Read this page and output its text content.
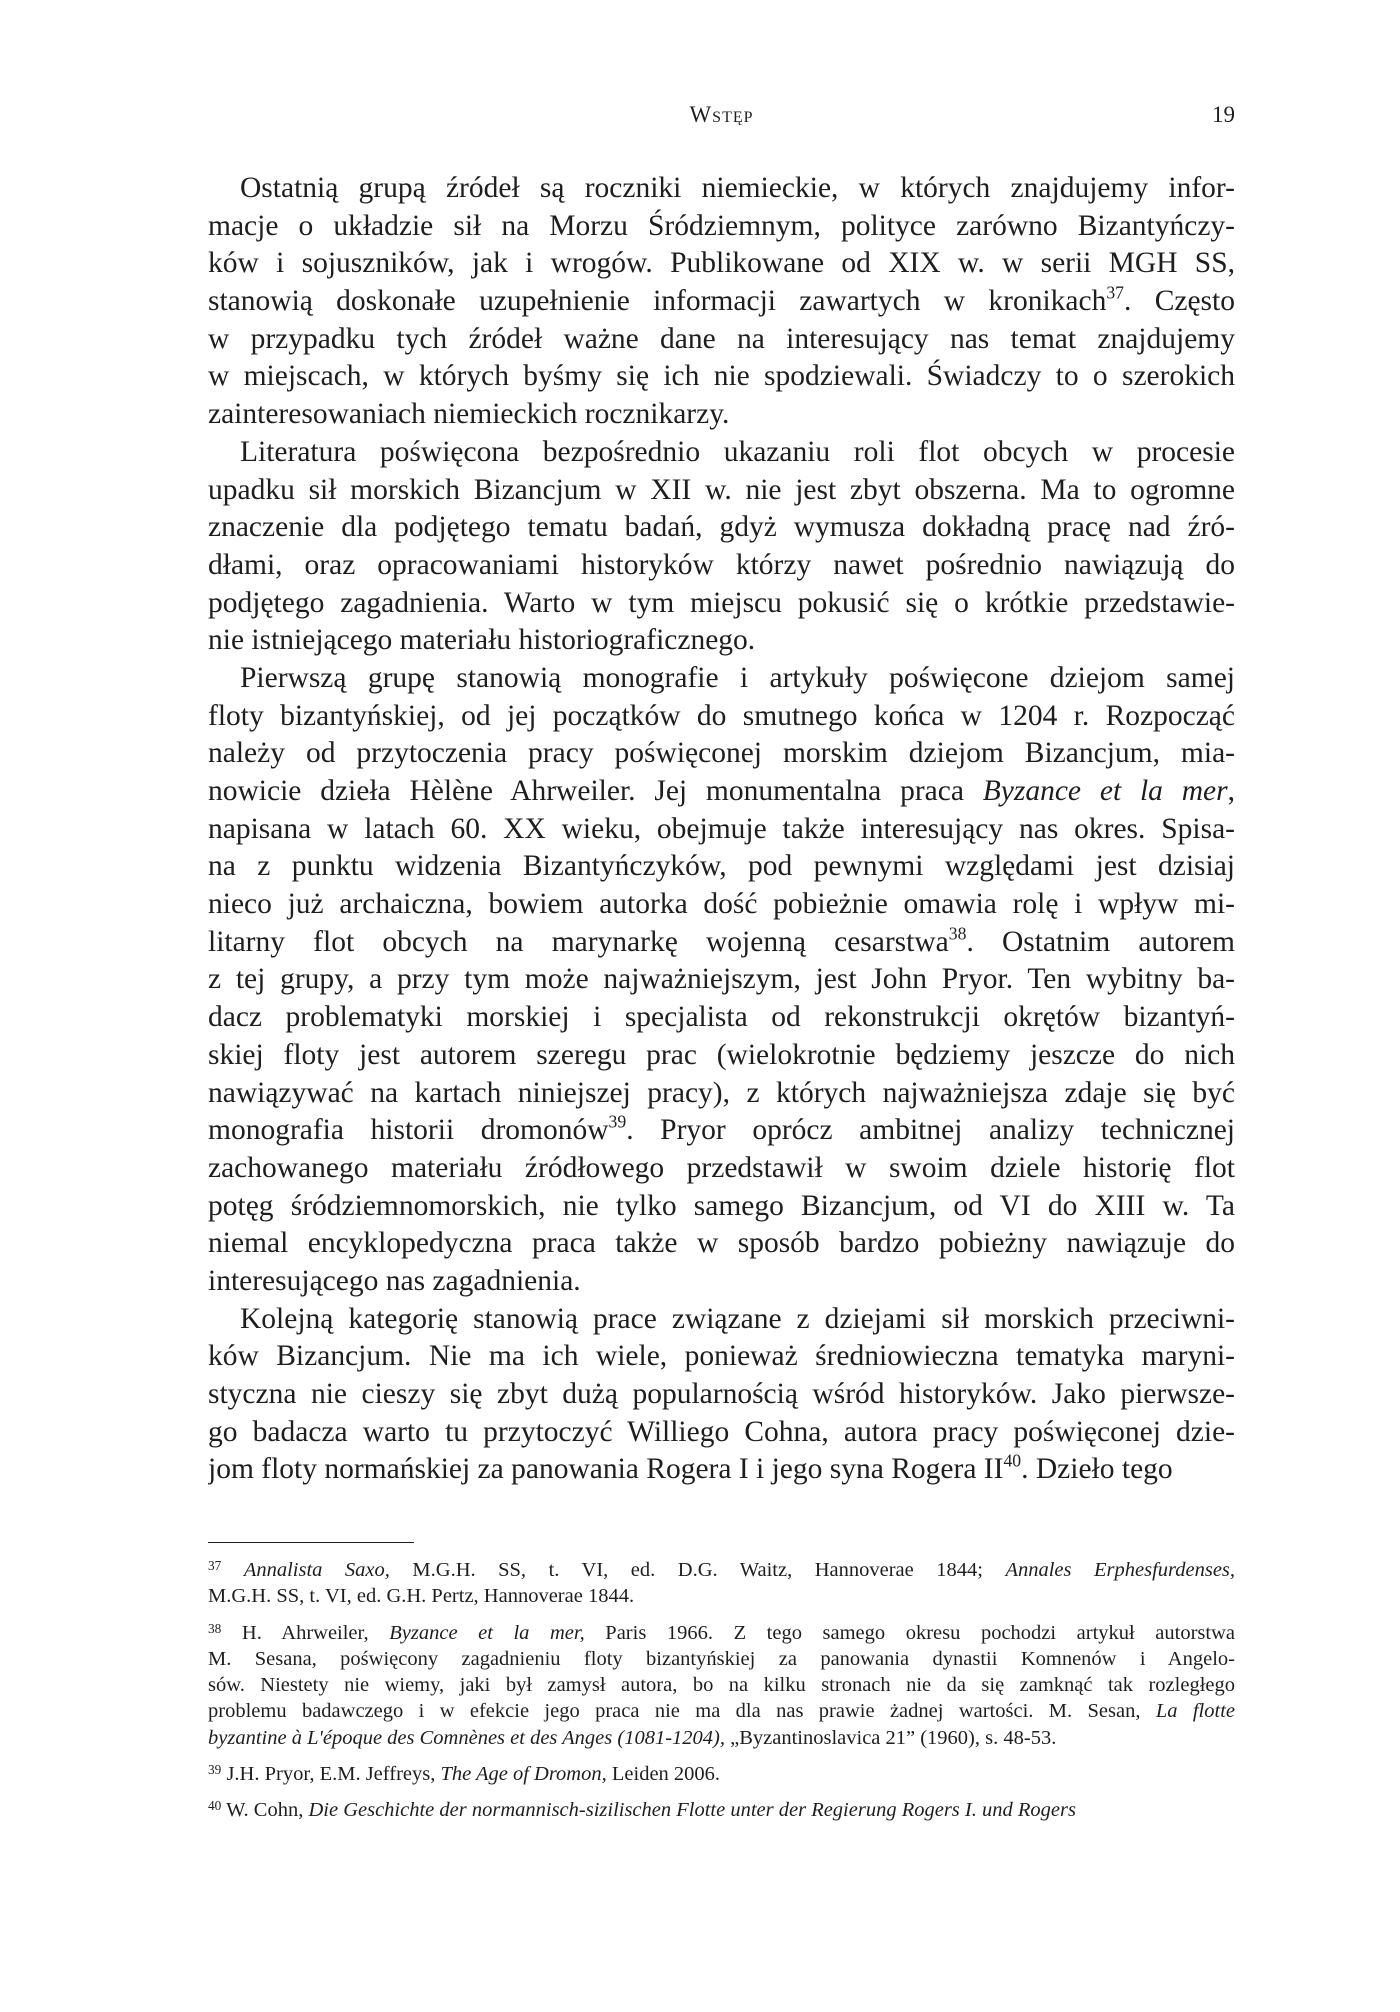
Wstęp	19
Ostatnią grupą źródeł są roczniki niemieckie, w których znajdujemy infor-
macje o układzie sił na Morzu Śródziemnym, polityce zarówno Bizantyńczy-
ków i sojuszników, jak i wrogów. Publikowane od XIX w. w serii MGH SS,
stanowią doskonałe uzupełnienie informacji zawartych w kronikach$^{37}$. Często
w przypadku tych źródeł ważne dane na interesujący nas temat znajdujemy
w miejscach, w których byśmy się ich nie spodziewali. Świadczy to o szerokich
zainteresowaniach niemieckich rocznikarzy.
Literatura poświęcona bezpośrednio ukazaniu roli flot obcych w procesie
upadku sił morskich Bizancjum w XII w. nie jest zbyt obszerna. Ma to ogromne
znaczenie dla podjętego tematu badań, gdyż wymusza dokładną pracę nad źró-
dłami, oraz opracowaniami historyków którzy nawet pośrednio nawiązują do
podjętego zagadnienia. Warto w tym miejscu pokusić się o krótkie przedstawie-
nie istniejącego materiału historiograficznego.
Pierwszą grupę stanowią monografie i artykuły poświęcone dziejom samej
floty bizantyńskiej, od jej początków do smutnego końca w 1204 r. Rozpocząć
należy od przytoczenia pracy poświęconej morskim dziejom Bizancjum, mia-
nowicie dzieła Hèlène Ahrweiler. Jej monumentalna praca Byzance et la mer,
napisana w latach 60. XX wieku, obejmuje także interesujący nas okres. Spisa-
na z punktu widzenia Bizantyńczyków, pod pewnymi względami jest dzisiaj
nieco już archaiczna, bowiem autorka dość pobieżnie omawia rolę i wpływ mi-
litarny flot obcych na marynarkę wojenną cesarstwa$^{38}$. Ostatnim autorem
z tej grupy, a przy tym może najważniejszym, jest John Pryor. Ten wybitny ba-
dacz problematyki morskiej i specjalista od rekonstrukcji okrętów bizantyń-
skiej floty jest autorem szeregu prac (wielokrotnie będziemy jeszcze do nich
nawiązywać na kartach niniejszej pracy), z których najważniejsza zdaje się być
monografia historii dromonów$^{39}$. Pryor oprócz ambitnej analizy technicznej
zachowanego materiału źródłowego przedstawił w swoim dziele historię flot
potęg śródziemnomorskich, nie tylko samego Bizancjum, od VI do XIII w. Ta
niemal encyklopedyczna praca także w sposób bardzo pobieżny nawiązuje do
interesującego nas zagadnienia.
Kolejną kategorię stanowią prace związane z dziejami sił morskich przeciwni-
ków Bizancjum. Nie ma ich wiele, ponieważ średniowieczna tematyka maryni-
styczna nie cieszy się zbyt dużą popularnością wśród historyków. Jako pierwsze-
go badacza warto tu przytoczyć Williego Cohna, autora pracy poświęconej dzie-
jom floty normańskiej za panowania Rogera I i jego syna Rogera II$^{40}$. Dzieło tego
$^{37}$ Annalista Saxo, M.G.H. SS, t. VI, ed. D.G. Waitz, Hannoverae 1844; Annales Erphesfurdenses,
M.G.H. SS, t. VI, ed. G.H. Pertz, Hannoverae 1844.
$^{38}$ H. Ahrweiler, Byzance et la mer, Paris 1966. Z tego samego okresu pochodzi artykuł autorstwa
M. Sesana, poświęcony zagadnieniu floty bizantyńskiej za panowania dynastii Komnenów i Angelo-
sów. Niestety nie wiemy, jaki był zamysł autora, bo na kilku stronach nie da się zamknąć tak rozległego
problemu badawczego i w efekcie jego praca nie ma dla nas prawie żadnej wartości. M. Sesan, La flotte
byzantine à L'époque des Comnènes et des Anges (1081-1204), „Byzantinoslavica 21” (1960), s. 48-53.
$^{39}$ J.H. Pryor, E.M. Jeffreys, The Age of Dromon, Leiden 2006.
$^{40}$ W. Cohn, Die Geschichte der normannisch-sizilischen Flotte unter der Regierung Rogers I. und Rogers
